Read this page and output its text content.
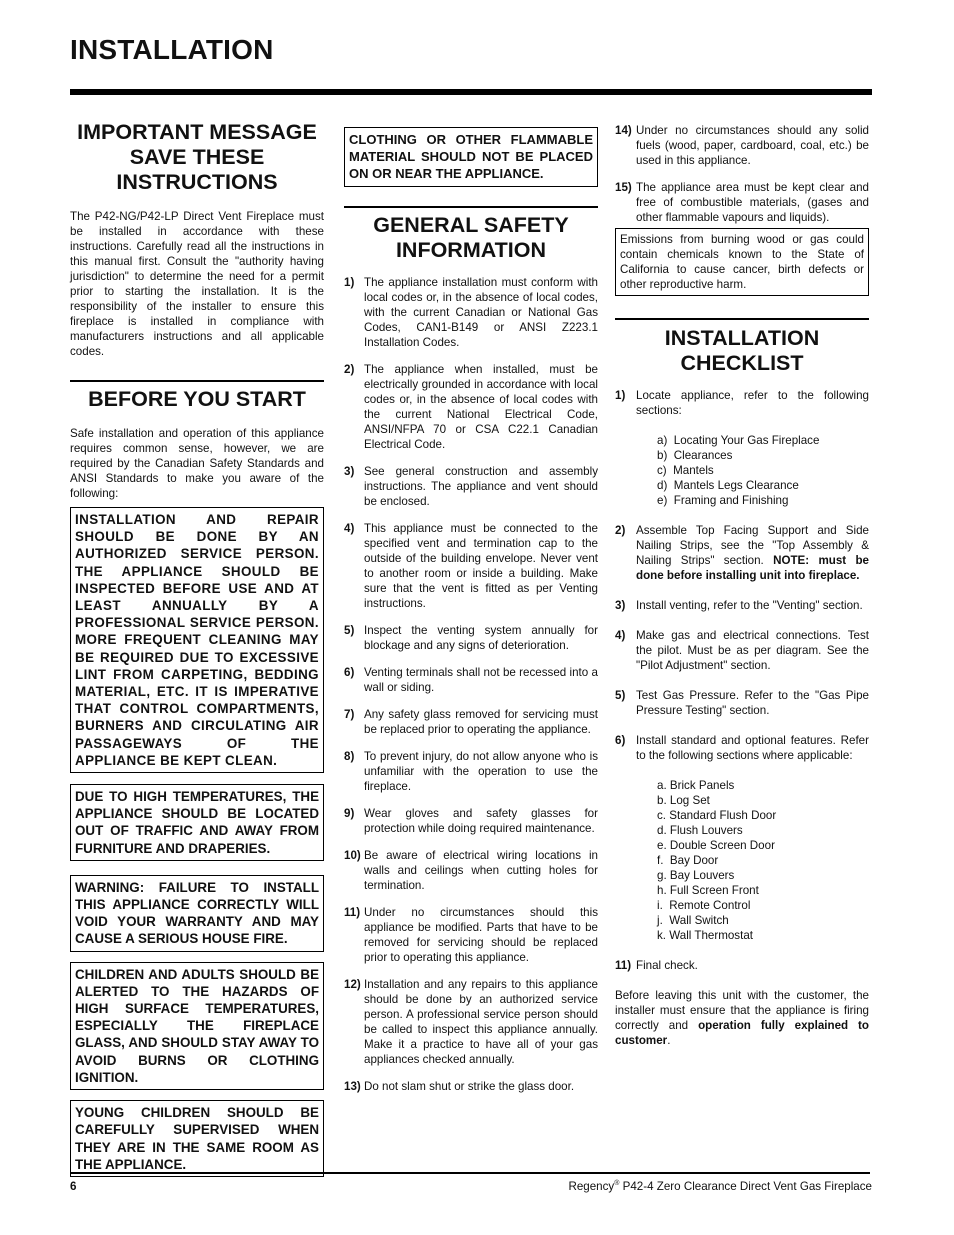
INSTALLATION
IMPORTANT MESSAGE SAVE THESE INSTRUCTIONS

The P42-NG/P42-LP Direct Vent Fireplace must be installed in accordance with these instructions. Carefully read all the instructions in this manual first. Consult the "authority having jurisdiction" to determine the need for a permit prior to starting the installation. It is the responsibility of the installer to ensure this fireplace is installed in compliance with manufacturers instructions and all applicable codes.

BEFORE YOU START

Safe installation and operation of this appliance requires common sense, however, we are required by the Canadian Safety Standards and ANSI Standards to make you aware of the following:

INSTALLATION AND REPAIR SHOULD BE DONE BY AN AUTHORIZED SERVICE PERSON. THE APPLIANCE SHOULD BE INSPECTED BEFORE USE AND AT LEAST ANNUALLY BY A PROFESSIONAL SERVICE PERSON. MORE FREQUENT CLEANING MAY BE REQUIRED DUE TO EXCESSIVE LINT FROM CARPETING, BEDDING MATERIAL, ETC. IT IS IMPERATIVE THAT CONTROL COMPARTMENTS, BURNERS AND CIRCULATING AIR PASSAGEWAYS OF THE APPLIANCE BE KEPT CLEAN.
DUE TO HIGH TEMPERATURES, THE APPLIANCE SHOULD BE LOCATED OUT OF TRAFFIC AND AWAY FROM FURNITURE AND DRAPERIES.
WARNING: FAILURE TO INSTALL THIS APPLIANCE CORRECTLY WILL VOID YOUR WARRANTY AND MAY CAUSE A SERIOUS HOUSE FIRE.
CHILDREN AND ADULTS SHOULD BE ALERTED TO THE HAZARDS OF HIGH SURFACE TEMPERATURES, ESPECIALLY THE FIREPLACE GLASS, AND SHOULD STAY AWAY TO AVOID BURNS OR CLOTHING IGNITION.
YOUNG CHILDREN SHOULD BE CAREFULLY SUPERVISED WHEN THEY ARE IN THE SAME ROOM AS THE APPLIANCE.
CLOTHING OR OTHER FLAMMABLE MATERIAL SHOULD NOT BE PLACED ON OR NEAR THE APPLIANCE.
GENERAL SAFETY INFORMATION
1) The appliance installation must conform with local codes or, in the absence of local codes, with the current Canadian or National Gas Codes, CAN1-B149 or ANSI Z223.1 Installation Codes.
2) The appliance when installed, must be electrically grounded in accordance with local codes or, in the absence of local codes with the current National Electrical Code, ANSI/NFPA 70 or CSA C22.1 Canadian Electrical Code.
3) See general construction and assembly instructions. The appliance and vent should be enclosed.
4) This appliance must be connected to the specified vent and termination cap to the outside of the building envelope. Never vent to another room or inside a building. Make sure that the vent is fitted as per Venting instructions.
5) Inspect the venting system annually for blockage and any signs of deterioration.
6) Venting terminals shall not be recessed into a wall or siding.
7) Any safety glass removed for servicing must be replaced prior to operating the appliance.
8) To prevent injury, do not allow anyone who is unfamiliar with the operation to use the fireplace.
9) Wear gloves and safety glasses for protection while doing required maintenance.
10) Be aware of electrical wiring locations in walls and ceilings when cutting holes for termination.
11) Under no circumstances should this appliance be modified. Parts that have to be removed for servicing should be replaced prior to operating this appliance.
12) Installation and any repairs to this appliance should be done by an authorized service person. A professional service person should be called to inspect this appliance annually. Make it a practice to have all of your gas appliances checked annually.
13) Do not slam shut or strike the glass door.
14) Under no circumstances should any solid fuels (wood, paper, cardboard, coal, etc.) be used in this appliance.
15) The appliance area must be kept clear and free of combustible materials, (gases and other flammable vapours and liquids).
Emissions from burning wood or gas could contain chemicals known to the State of California to cause cancer, birth defects or other reproductive harm.
INSTALLATION CHECKLIST
1) Locate appliance, refer to the following sections:
a)  Locating Your Gas Fireplace
b)  Clearances
c)  Mantels
d)  Mantels Legs Clearance
e)  Framing and Finishing
2) Assemble Top Facing Support and Side Nailing Strips, see the "Top Assembly & Nailing Strips" section. NOTE: must be done before installing unit into fireplace.
3) Install venting, refer to the "Venting" section.
4) Make gas and electrical connections. Test the pilot. Must be as per diagram. See the "Pilot Adjustment" section.
5) Test Gas Pressure. Refer to the "Gas Pipe Pressure Testing" section.
6) Install standard and optional features. Refer to the following sections where applicable:
a. Brick Panels
b. Log Set
c. Standard Flush Door
d. Flush Louvers
e. Double Screen Door
f.  Bay Door
g. Bay Louvers
h. Full Screen Front
i.  Remote Control
j.  Wall Switch
k. Wall Thermostat
11) Final check.

Before leaving this unit with the customer, the installer must ensure that the appliance is firing correctly and operation fully explained to customer.

6	Regency® P42-4 Zero Clearance Direct Vent Gas Fireplace
